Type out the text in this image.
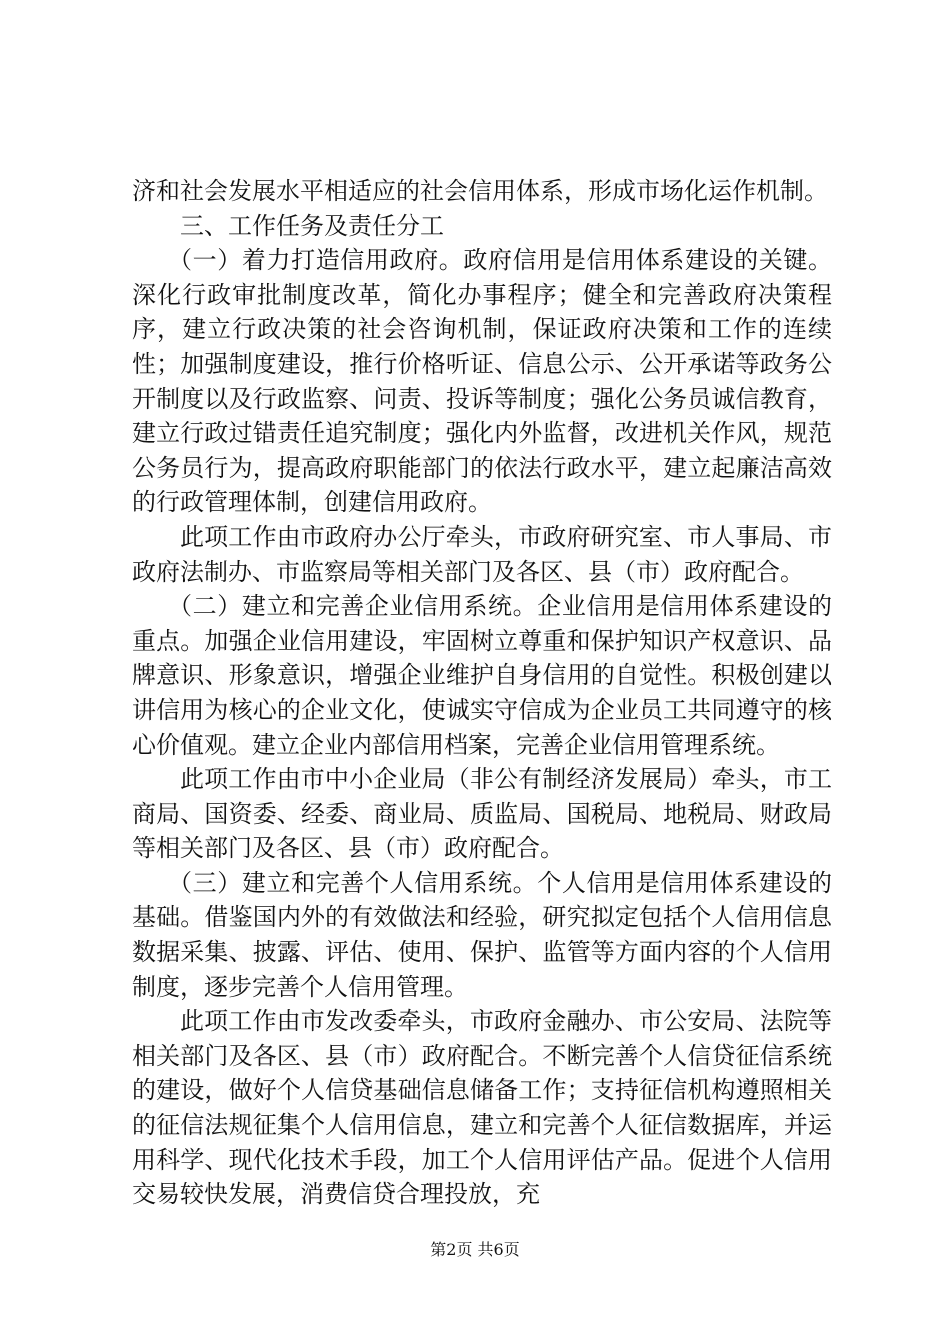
济和社会发展水平相适应的社会信用体系，形成市场化运作机制。

三、工作任务及责任分工

（一）着力打造信用政府。政府信用是信用体系建设的关键。深化行政审批制度改革，简化办事程序；健全和完善政府决策程序，建立行政决策的社会咨询机制，保证政府决策和工作的连续性；加强制度建设，推行价格听证、信息公示、公开承诺等政务公开制度以及行政监察、问责、投诉等制度；强化公务员诚信教育，建立行政过错责任追究制度；强化内外监督，改进机关作风，规范公务员行为，提高政府职能部门的依法行政水平，建立起廉洁高效的行政管理体制，创建信用政府。

此项工作由市政府办公厅牵头，市政府研究室、市人事局、市政府法制办、市监察局等相关部门及各区、县（市）政府配合。

（二）建立和完善企业信用系统。企业信用是信用体系建设的重点。加强企业信用建设，牢固树立尊重和保护知识产权意识、品牌意识、形象意识，增强企业维护自身信用的自觉性。积极创建以讲信用为核心的企业文化，使诚实守信成为企业员工共同遵守的核心价值观。建立企业内部信用档案，完善企业信用管理系统。

此项工作由市中小企业局（非公有制经济发展局）牵头，市工商局、国资委、经委、商业局、质监局、国税局、地税局、财政局等相关部门及各区、县（市）政府配合。

（三）建立和完善个人信用系统。个人信用是信用体系建设的基础。借鉴国内外的有效做法和经验，研究拟定包括个人信用信息数据采集、披露、评估、使用、保护、监管等方面内容的个人信用制度，逐步完善个人信用管理。

此项工作由市发改委牵头，市政府金融办、市公安局、法院等相关部门及各区、县（市）政府配合。不断完善个人信贷征信系统的建设，做好个人信贷基础信息储备工作；支持征信机构遵照相关的征信法规征集个人信用信息，建立和完善个人征信数据库，并运用科学、现代化技术手段，加工个人信用评估产品。促进个人信用交易较快发展，消费信贷合理投放，充

第2页 共6页
